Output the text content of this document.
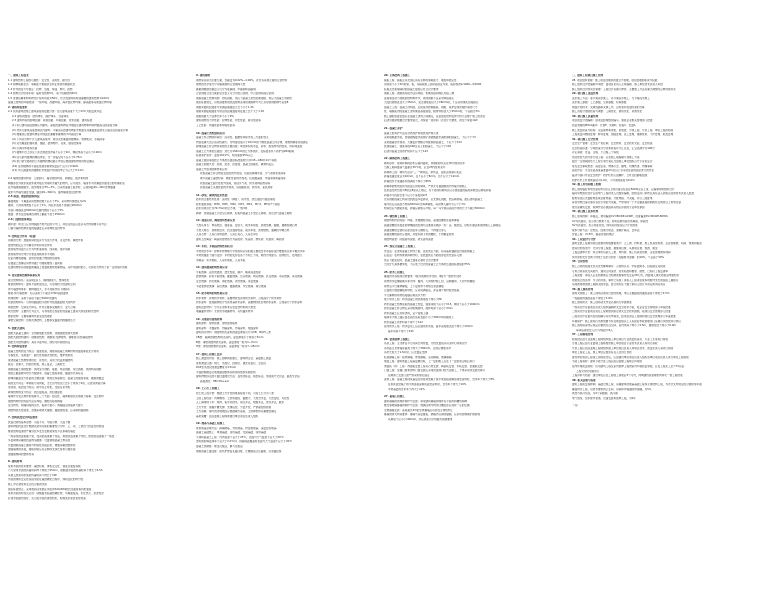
一、建筑工程技术
1.1 建筑结构工程的可靠性：安全性、适用性、耐久性
1.2 两种极限状态：承载能力极限状态和正常使用极限状态
1.3 杆件的受力与稳定：拉伸、压缩、弯曲、剪切、扭转
1.4 结构设计使用年限：临时性结构5年，易于替换结构25年
1.5 普通房屋和构筑物设计使用年限为50年，纪念性建筑和特别重要的建筑结构为100年
混凝土结构的环境类别：一般环境、冻融环境、海洋氯化物环境、除冰盐等其他氯化物环境
2. 建筑构造要求
2.1 民用建筑按地上建筑高度或层数分类：住宅建筑高度不大于27m为低层或多层
2.2 建筑的组成：结构体系、围护体系、设备体系
2.3 建筑构造的影响因素：荷载因素、环境因素、技术因素、建筑标准
(1) 实行建筑高度控制区内建筑，高度按建筑物室外地面至建筑物和构筑物最高点的高度计算
(2) 非实行建筑高度控制区内建筑：平屋顶应按建筑物室外地面至其屋面面层或女儿墙顶点的高度计算
(3) 坡屋顶应按建筑物室外地面至屋檐和屋脊的平均高度计算
(4) 下列突出物不计入建筑高度内：局部突出屋面的楼梯间、电梯机房、水箱间等
(5) 突出屋面的通风道、烟囱、装饰构件、花架、通信设施等
(6) 空调冷却塔等设备
(7) 楼梯平台上部及下部过道处的净高不应小于2m，梯段净高不宜小于2.20m
(8) 住宅套内楼梯的梯段净宽，当一边临空时不应小于0.75m
(9) 供日常交通用的公共楼梯的梯段最小净宽应根据建筑物使用特征确定
(10) 室内楼梯扶手高度自踏步前缘线量起不宜小于0.90m
(11) 幼儿园建筑的楼梯栏杆垂直杆件间的净空不应大于0.11m
2.4 墙体的建筑构造：门窗洞口、墙身细部构造、防潮层、散水和明沟
勒脚部位外抹水泥砂浆或外贴石材等防水耐久的材料，应与散水、墙身水平防潮层形成闭合的防潮系统
在外墙周围做散水，散水坡度为3%~5%，当采用混凝土散水时，应按间距20~30m设伸缩缝
散水与外墙交接处设缝，缝宽20~30mm，缝内填柔性密封材料
2.5 屋面、楼面的建筑构造
屋面坡度：平屋面采用结构找坡不应小于3%，采用材料找坡宜为2%
檐沟、天沟纵向坡度不应小于1%，沟底水落差不得超过200mm
水落口周围直径500mm范围内坡度不应小于5%
楼面：防水层在墙体四周向上翻起不低于250mm
2.6 门窗的建筑构造
隔声窗：防火门应为向疏散方向开启的平开门，并在关闭后应能从其内外两侧手动开启
门窗与墙体结构连接的接缝处应采用弹性密封材料
3. 结构设计作用（荷载）
荷载的分类：按随时间的变异分为永久作用、可变作用、偶然作用
按结构的反应分为静态作用和动态作用
按荷载作用面大小分为均布面荷载、线荷载、集中荷载
按荷载作用方向分为垂直荷载和水平荷载
在室内增加隔墙、封闭阳台属于增加的线荷载
在楼面上加铺任何材料属于对楼板增加了面荷载
在建筑物原有的楼面或屋面上放置或悬挂较重物品，其作用面积很小，可简化为作用于某一点的集中荷载
4. 常见建筑结构体系和应用
混合结构体系：适宜6层以下，横向刚度大，整体性好
框架结构体系：建筑平面布置灵活，可形成较大的建筑空间
剪力墙结构体系：侧向刚度大，水平荷载作用下侧移小
框架-剪力墙结构：可以适用于不超过170m高的建筑
筒体结构：适用于高度不超过300m的建筑
桁架结构体系：可利用截面较小的杆件组成截面较大的构件
网架结构：空间受力体系，杆件主要承受轴向力，受力合理
拱式结构：主要内力为压力，可利用抗压性能好的混凝土建造大跨度的拱式结构
悬索结构：主要承重构件是受拉的钢索
薄壁空间结构：也称壳体结构，主要承受曲面内的轴向压力
5. 装配式建筑
装配式混凝土建筑：全预制装配式结构、预制装配整体式结构
装配式钢结构建筑：钢框架结构、钢框架-支撑结构、钢框架-延性墙板结构
装配式木结构建筑：具有节能环保、绿色可持续的特点
6. 结构构造要求
混凝土结构的受力特点：强度较高，钢筋和混凝土两种材料的强度都能充分利用
可模性好，适用面广；耐久性和耐火性较好，维护费用低
现浇混凝土结构整体性好，延性好，适用于抗震抗爆结构
缺点：自重大，抗裂性较差，施工复杂，工期较长
钢筋混凝土梁的配筋：纵向受力钢筋、箍筋、弯起钢筋、架立钢筋、纵向构造钢筋
梁的正截面破坏形式与配筋率、混凝土强度等级、截面形式等有关
影响斜截面受力性能的主要因素：剪跨比和高跨比、混凝土的强度等级、腹筋的数量
板的受力特点：单向板与双向板，当长边与短边之比小于或等于2时，应按双向板计算
连续梁、板的受力特点：跨中有正弯矩，支座有负弯矩
砌体结构的受力特点：抗压强度高，抗拉强度低
墙体作为受压构件的验算分三个方面：稳定性、墙体极限状态承载力验算、受压构件
钢结构构件的连接方法有焊接、螺栓连接和铆接
受压构件，两端铰接的压杆，临界力最小；两端固定的临界力最大
钢结构抗火性能差，需要采取防火措施；耐腐蚀性差，应采取防腐措施
7. 结构抗震设计构造要求
抗震设防的基本思想：小震不坏、中震可修、大震不倒
建筑物的抗震设计根据其使用功能的重要性分为甲、乙、丙、丁类四个抗震设防类别
框架结构震害的严重部位多发生在框架梁柱节点和填充墙处
一般是柱的震害重于梁，柱顶的震害重于柱底，角柱的震害重于内柱，短柱的震害重于一般柱
多层砌体房屋的抗震构造措施：设置钢筋混凝土构造柱
设置钢筋混凝土圈梁与构造柱连接起来，增强房屋的整体性
加强墙体的连接，楼板和梁应有足够的支承长度和可靠连接
加强楼梯间的整体性等
8. 建筑材料
常用水泥的技术要求：凝结时间、体积安定性、强度及强度等级
六大常用水泥的初凝时间均不得短于45min，硅酸盐水泥的终凝时间不得长于6.5h
其他五类常用水泥的终凝时间不得长于10h
水泥的体积安定性是指水泥在凝结硬化过程中，体积变化的均匀性
施工中必须使用安定性合格的水泥
国家标准规定，采用胶砂法来测定水泥的3d和28d的抗压强度和抗折强度
常用水泥的特性及应用：硅酸盐水泥凝结硬化快、早期强度高、水化热大、抗冻性好
矿渣水泥耐热性好，火山灰水泥抗渗性较好，粉煤灰水泥抗裂性较高
9. 建筑钢材
钢材是以铁为主要元素，含碳量为0.02%~2.06%，并含有其他元素的合金材料
钢材按化学成分分为碳素钢和合金钢两大类
碳素钢根据含碳量又可分为低碳钢、中碳钢和高碳钢
合金钢按合金元素的总含量又可分为低合金钢、中合金钢和高合金钢
钢筋混凝土结构用钢：热轧钢筋、预应力混凝土用热处理钢筋、预应力混凝土用钢丝
国家标准规定，有较高要求的抗震结构适用的钢筋牌号为已有带肋钢筋牌号后加E
钢筋实测抗拉强度与实测屈服强度之比不小于1.25
钢筋实测屈服强度与规定的屈服强度特征值之比不大于1.30
钢筋的最大力总伸长率不小于9%
建筑钢材的力学性能：拉伸性能、冲击性能、疲劳性能等
工艺性能：弯曲性能和焊接性能等
10. 混凝土的性能和应用
混凝土拌合物的和易性：流动性、黏聚性和保水性三方面的含义
坍落度越大表示流动性越大；对坍落度值小于10mm的干硬性混凝土拌合物，用维勃稠度试验测定
影响混凝土拌合物和易性的主要因素：单位体积用水量、砂率、组成材料的性质、时间和温度
混凝土立方体抗压强度：边长为150mm的立方体试件，在标准条件下养护到28d龄期
标准养护条件：温度20±2℃，相对湿度95%以上
混凝土强度等级按立方体抗压强度标准值划分为C15~C80共14个等级
混凝土的耐久性：抗渗、抗冻、抗侵蚀、混凝土的碳化、碱骨料反应
混凝土外加剂的种类和应用：
改善混凝土拌合物流变性能的外加剂，包括各种减水剂、引气剂和泵送剂等
调节混凝土凝结时间、硬化性能的外加剂，包括缓凝剂、早强剂和速凝剂等
改善混凝土耐久性的外加剂，包括引气剂、防水剂和阻锈剂等
改善混凝土其他性能的外加剂，包括膨胀剂、防冻剂、着色剂等
11. 砂浆、砌块的技术性能
砂浆的主要技术性质：流动性（稠度）、保水性、抗压强度与强度等级
砂浆强度等级：M30、M25、M20、M15、M10、M7.5、M5共7个等级
砂浆试块边长为70.7mm的立方体，一组3块
砌块：普通混凝土小型空心砌块、轻集料混凝土小型空心砌块、蒸压加气混凝土砌块
12. 饰面石材、陶瓷的特性和应用
天然花岗石：构造致密、强度高、密度大、吸水率极低、质地坚硬、耐磨，属酸性硬石材
天然大理石：质地较密实、抗压强度较高、吸水率低、质地较软，属碱性中硬石材
人造石材：人造石实体面材、人造石英石、人造石岗石
建筑卫生陶瓷：陶瓷砖按材质分为瓷质砖、炻瓷砖、细炻砖、炻质砖、陶质砖
13. 木材、木制品的特性和应用
木材的含水率：影响木材物理力学性质和应用的最主要的含水率指标是纤维饱和点和平衡含水率
木材的湿胀干缩与变形：木材的变形在各个方向上不同，顺纹方向最小，径向较大，弦向最大
木制品：实木地板、人造木地板、人造木板
14. 建筑玻璃的特性和应用
平板玻璃：良好的透视、透光性能，隔声、略具保温性能
装饰玻璃：彩色平板玻璃、釉面玻璃、压花玻璃、喷花玻璃、乳花玻璃、刻花玻璃、冰花玻璃
安全玻璃：防火玻璃、钢化玻璃、夹丝玻璃、夹层玻璃
节能装饰型玻璃：着色玻璃、镀膜玻璃、中空玻璃、真空玻璃
15. 防水材料的特性和应用
防水卷材：沥青防水卷材、高聚物改性沥青防水卷材、合成高分子防水卷材
防水涂料：按成膜物质分为沥青基防水涂料、高聚物改性沥青防水涂料、合成高分子防水涂料
建筑密封材料：分为定型和非定型密封材料两大类型
堵漏灌浆材料：无机防水堵漏材料、有机灌浆材料
16. 其他常用建筑材料
建筑塑料：塑料管道、塑料装饰板材
建筑涂料：木器涂料、内墙涂料、外墙涂料、地面涂料
建筑防火材料：钢结构防火涂料按涂层厚度可分为CB、B和H三类
CB类：超薄型钢结构防火涂料，涂层厚度小于或等于3mm
B类：薄型钢结构防火涂料，涂层厚度一般为3~7mm
H类：厚型钢结构防火涂料，涂层厚度一般为7~45mm
17. 建筑工程施工技术
施工测量的内容：施工控制网的建立、建筑物定位、基础施工测量
常用测量仪器：钢尺、水准仪、经纬仪、激光铅直仪、全站仪
DS3型水准仪的测量精度为±3mm
平面控制测量必须遵循由整体到局部的组织实施原则
建筑物细部点的平面位置测设方法：直角坐标法、极坐标法、角度前方交会法、距离交会法
高程测设：HB=HA+a-b
18. 土石方工程施工
岩土的工程分类：根据土方开挖的难易程度不同，可将土石分为八类
土的工程性能：内摩擦角、土抗剪强度、黏聚力、天然含水量、天然密度、可松性
人工降排地下水：明沟、集水井排水，真空井点，喷射井点，管井井点，截水
土方开挖：遵循开槽支撑、先撑后挖、分层开挖、严禁超挖的原则
土方回填：填方的边坡坡度应根据填方高度、土的种类和其重要性确定
基坑验槽：由总监理工程师或建设单位项目负责人组织
19. 地基与基础工程施工
常用地基处理方法：换填地基、夯实地基、挤密桩地基、深层密实地基
混凝土基础施工：单独基础、条形基础、设备基础、筏形基础
大体积混凝土工程：内外温差不宜大于25℃，表面与大气温差不宜大于20℃
浇筑体的降温速率不宜大于2.0℃/d，拆除保温覆盖时表面与大气温差不应大于20℃
混凝土预制桩：锤击沉桩法、静力压桩法
钢筋混凝土灌注桩：泥浆护壁钻孔灌注桩、长螺旋钻孔压灌桩、沉管灌注桩
20. 主体结构工程施工
模板工程：模板及其支架应具有足够的承载能力、刚度和稳定性
对跨度不小于4m的梁、板，其模板施工起拱高度宜为梁、板跨度的1/1000~3/1000
底模及支架拆除时的混凝土强度应符合设计要求
钢筋工程：钢筋的连接方法有焊接、机械连接和绑扎连接三种
直接承受动力荷载的结构构件中，纵向钢筋不宜采用焊接接头
当受拉钢筋直径大于25mm、受压钢筋直径大于28mm时，不宜采用绑扎搭接接头
混凝土工程：混凝土浇筑前，应检查并控制模板、钢筋、保护层和预埋件等的尺寸
柱、墙模板内的混凝土浇筑倾落高度限值，粗骨料粒径大于25mm时，不宜超过3m
施工缝的留置位置应在混凝土浇筑之前确定，宜留置在结构受剪力较小且便于施工的部位
后浇带通常根据设计要求留设，并保留一段时间（若设计无要求，则至少保留14d）
21. 混凝土养护
混凝土的养护方法有自然养护和加热养护两大类
采用硅酸盐水泥、普通硅酸盐水泥或矿渣硅酸盐水泥配制的混凝土，不应少于7d
采用缓凝型外加剂、大掺量矿物掺合料配制的混凝土，不应少于14d
抗渗混凝土、强度等级C60及以上的混凝土，不应少于14d
后浇带混凝土的养护时间不应少于14d
22. 砌体结构工程施工
砌筑砂浆：现场拌制的砂浆应随拌随用，拌制的砂浆应在3h内使用完毕
当施工期间最高气温超过30℃时，应在2h内使用完毕
砖砌体工程：砌筑方法有"三一"砌筑法、挤浆法、刮浆法和满口灰法
砖墙灰缝宽度宜为10mm，且不应小于8mm，也不应大于12mm
砖墙的水平灰缝砂浆饱满度不得小于80%
砖砌体的转角处和交接处应同时砌筑，严禁无可靠措施的内外墙分砌施工
在抗震设防烈度为8度及8度以上地区，对不能同时砌筑而又必须留置的临时间断处应砌成斜槎
斜槎水平投影长度不应小于高度的2/3
设有钢筋混凝土构造柱的抗震多层砖房，应先绑扎钢筋，然后砌砖墙，最后浇筑混凝土
墙与柱应沿高度方向每500mm设2φ6钢筋，每边伸入墙内不应少于1m
构造柱应与圈梁连接，砖墙应砌成马牙槎，每一马牙槎沿高度方向的尺寸不超过300mm
23. 钢结构工程施工
钢结构构件的连接：焊接、普通螺栓连接、高强度螺栓连接和铆接
高强度螺栓连接处的摩擦面的处理方法通常有喷砂（丸）法、酸洗法、砂轮打磨法和钢丝刷人工除锈法
高强度螺栓安装时应能自由穿入螺栓孔，不得强行穿入
高强度螺栓超拧应更换，并废弃换下来的螺栓，不得重复使用
钢结构涂装：防腐涂料涂装、防火涂料涂装
24. 预应力混凝土工程施工
先张法：在浇筑混凝土构件之前，张拉预应力筋，将其临时锚固在台座或钢模上
后张法：在构件或块体制作时，在放置预应力筋的部位预先留有孔道
预应力筋张拉时，混凝土强度必须符合设计要求
当设计无具体要求时，不应低于设计的混凝土立方体抗压强度标准值的75%
25. 防水工程施工
屋面防水等级和设防要求：Ⅰ级为两道防水设防，Ⅱ级为一道防水设防
卷材防水层铺贴顺序和方向：檐沟、天沟卷材施工时，宜顺檐沟、天沟方向铺贴
卷材宜平行屋脊铺贴，上下层卷材不得相互垂直铺贴
立面或大坡面铺贴卷材时，应采用满粘法，并宜减少卷材短边搭接
平行屋脊的卷材搭接缝应顺流水方向
地下防水工程：防水混凝土的抗渗等级不得小于P6
防水混凝土结构底板的混凝土垫层，强度等级不应小于C15，厚度不应小于100mm
防水混凝土拌合物应采用机械搅拌，搅拌时间不宜小于2min
防水混凝土应连续浇筑，宜少留施工缝
墙体水平施工缝应留在高出底板表面不小于300mm的墙体上
防水混凝土养护时间不得少于14d
室内防水工程：防水层完工后应做闭水试验，蓄水深度最浅处不得小于10mm
蓄水时间不得少于24h
26. 装饰装修工程施工
吊顶工程：主龙骨宜平行房间长向布置，分档位置线从吊顶中心向两边分
吊杆距主龙骨端部距离不得大于300mm，否则应增加吊杆
吊杆长度大于1.5m时，应设置反支撑
轻质隔墙工程：板材隔墙、骨架隔墙、活动隔墙、玻璃隔墙
地面工程：建筑地面工程基层铺设时，上一层的施工应在下一层检验合格后进行
饰面板（砖）工程：饰面板安装工程有石材安装、陶瓷板安装、木板安装、金属板安装
门窗工程：金属门窗和塑料门窗安装应采用预留洞口的方法施工，不得采用边安装边砌口
在砌体上安装门窗严禁采用射钉固定
涂饰工程：混凝土或抹灰基层在用溶剂型腻子找平或直接涂刷溶剂型涂料时，含水率不得大于8%
在用乳液型腻子找平或直接涂刷乳液型涂料时，含水率不得大于10%
木材基层的含水率不得大于12%
27. 幕墙工程施工
建筑幕墙的预埋件制作与安装：常用建筑幕墙预埋件有平板形和槽形两种
框支承玻璃幕墙的制作与安装：玻璃四周与构件凹槽底部应保持一定的空隙
全玻幕墙安装：高度超过4m的全玻幕墙应吊挂在主体结构上
幕墙的防火构造要求：幕墙与各层楼板、隔墙外沿间的缝隙，应采用岩棉或矿棉封堵
其厚度不应小于100mm，并应满足设计的耐火极限要求
二、建筑工程项目施工管理
28. 项目组织管理：施工项目经理部的建立与管理，项目经理的职责与权限
施工组织设计的编制与审批：由项目负责人主持编制，施工单位技术负责人审批
施工组织设计的动态管理：工程设计有重大修改、主要施工方法有重大调整时应修改或补充
29. 项目施工进度管理
流水施工方法：等节奏流水施工、异节奏流水施工、无节奏流水施工
流水施工参数：工艺参数、空间参数、时间参数
网络计划技术：关键线路和关键工作，总时差和自由时差的计算
施工进度计划的检查与调整：工期优化、费用优化、资源优化
30. 项目施工质量管理
项目质量计划编制：由项目经理组织编写，须报企业相关管理部门批准
质量管理的PDCA循环：计划P、实施D、检查C、处置A
施工质量检查与检验：见证取样和送检，检验批、分项工程、分部工程、单位工程的验收
工程质量问题的处理：修补处理、加固处理、返工处理、限制使用、不作处理、报废处理
31. 项目施工安全管理
安全生产管理：安全生产责任制、安全教育、安全技术交底、安全检查
安全检查标准：分项检查评分表和检查评分汇总表，汇总表满分为100分
评定等级：优良、合格、不合格三个等级
危险性较大的分部分项工程：应在施工前编制专项施工方案
超过一定规模的危大工程专项方案应当由施工单位组织召开专家论证会
常见安全事故类型：高处坠落、物体打击、触电、机械伤害、坍塌事故
高处作业：凡在坠落高度基准面2m及以上有可能坠落的高处进行的作业
临边与洞口作业安全防护：防护栏杆应由横杆、立杆及挡脚板组成
防护栏杆上杆离地高度为1.2m，下杆离地高度为0.6m
32. 施工用电和施工机械
施工现场临时用电设备在5台及以上或设备总容量在50kW及以上者，应编制用电组织设计
临时用电组织设计应由电气工程技术人员组织编制，经相关部门审核及具有法人资格企业的技术负责人批准
配电系统应设置配电柜或总配电箱、分配电箱、开关箱，实行三级配电
每台用电设备必须有各自专用的开关箱，严禁用同一个开关箱直接控制两台及两台以上用电设备
塔式起重机安装、拆卸作业必须由具有相应资质的专业单位承担
33. 项目施工成本管理
施工成本控制：挣值法，费用偏差CV=BCWP-ACWP，进度偏差SV=BCWP-BCWS
CV为负值时，表示执行效果不佳，即实际费用超过预算值，即超支
SV为负值时，表示进度延误，即实际进度落后于计划进度
成本分析方法：比较法、因素分析法、差额计算法、比率法
价值工程：V=F/C，提高价值的途径
34. 工程造价与计价
建筑安装工程费用项目按费用构成要素划分：人工费、材料费、施工机具使用费、企业管理费、利润、规费和税金
按造价形成划分：分部分项工程费、措施项目费、其他项目费、规费、税金
工程量清单计价：综合单价包括人工费、材料费、施工机具使用费、企业管理费和利润
预付款的支付比例不得低于签约合同价（扣除暂列金额）的10%，不宜高于30%
35. 合同管理
施工合同的组成文件及优先解释顺序：合同协议书、中标通知书、投标函及其附录
专用合同条款及其附件、通用合同条款、技术标准和要求、图纸、已标价工程量清单
工程索赔：承包人应在知道或应当知道索赔事件发生后28天内，向监理人递交索赔意向通知书
索赔成立的条件：与合同对照，事件已造成了承包人工程项目成本的额外支出或直接工期损失
造成费用增加或工期损失的原因，按合同约定不属于承包人的行为责任或风险责任
36. 施工现场管理
现场文明施工：施工现场必须实行封闭管理，市区主要路段的围挡高度不得低于2.5m
一般路段的围挡高度不得低于1.8m
施工现场防火：施工现场动火作业必须执行审批制度
一级动火作业由项目负责人组织编制防火安全技术方案，报企业安全管理部门审查批准
二级动火作业由项目责任工程师组织拟定防火安全技术措施，报项目安全管理部门批准
三级动火作业由所在班组填写动火申请表，经项目责任工程师和项目安全管理部门审查批准
环境保护：施工现场污水排放要与所在地县级以上人民政府市政管理部门签署污水排放许可协议
施工现场宿舍内应保证必要的生活空间，室内净高不得小于2.5m，通道宽度不得小于0.9m
每间宿舍居住人员不得超过16人
37. 工程验收管理
检验批应由专业监理工程师组织施工单位项目专业质量检查员、专业工长等进行验收
分项工程应由专业监理工程师组织施工单位项目专业技术负责人等进行验收
分部工程应由总监理工程师组织施工单位项目负责人和项目技术、质量负责人等进行验收
单位工程完工后，施工单位应组织有关人员进行自检
建设单位收到工程竣工验收报告后，应由建设单位项目负责人组织各单位项目负责人进行单位工程验收
节能工程验收：建筑节能分部工程应由总监理工程师主持验收
室内环境质量验收：民用建筑工程及室内装修工程的室内环境质量验收，应在工程完工至少7d以后
工程交付使用前进行
工程资料与档案：建设单位应在工程竣工验收后3个月内，向城建档案管理机构移交一套工程档案
38. 相关法规与标准
建筑工程质量保修期：基础设施工程、房屋建筑的地基基础工程和主体结构工程，为设计文件规定的合理使用年限
屋面防水工程、有防水要求的卫生间、房间和外墙面的防渗漏，为5年
供热与供冷系统，为2个采暖期、供冷期
电气管线、给水排水管道、设备安装和装修工程，为2年
（完）
